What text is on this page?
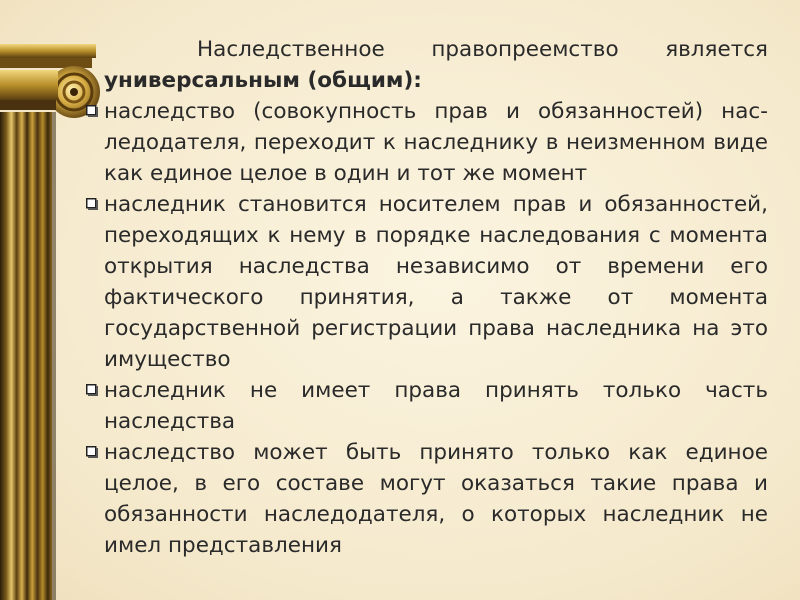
Наследственное правопреемство является универсальным (общим):

наследство (совокупность прав и обязанностей) наследодателя, переходит к наследнику в неизменном виде как единое целое в один и тот же момент
наследник становится носителем прав и обязанностей, переходящих к нему в порядке наследования с момента открытия наследства независимо от времени его фактического принятия, а также от момента государственной регистрации права наследника на это имущество
наследник не имеет права принять только часть наследства
наследство может быть принято только как единое целое, в его составе могут оказаться такие права и обязанности наследодателя, о которых наследник не имел представления
